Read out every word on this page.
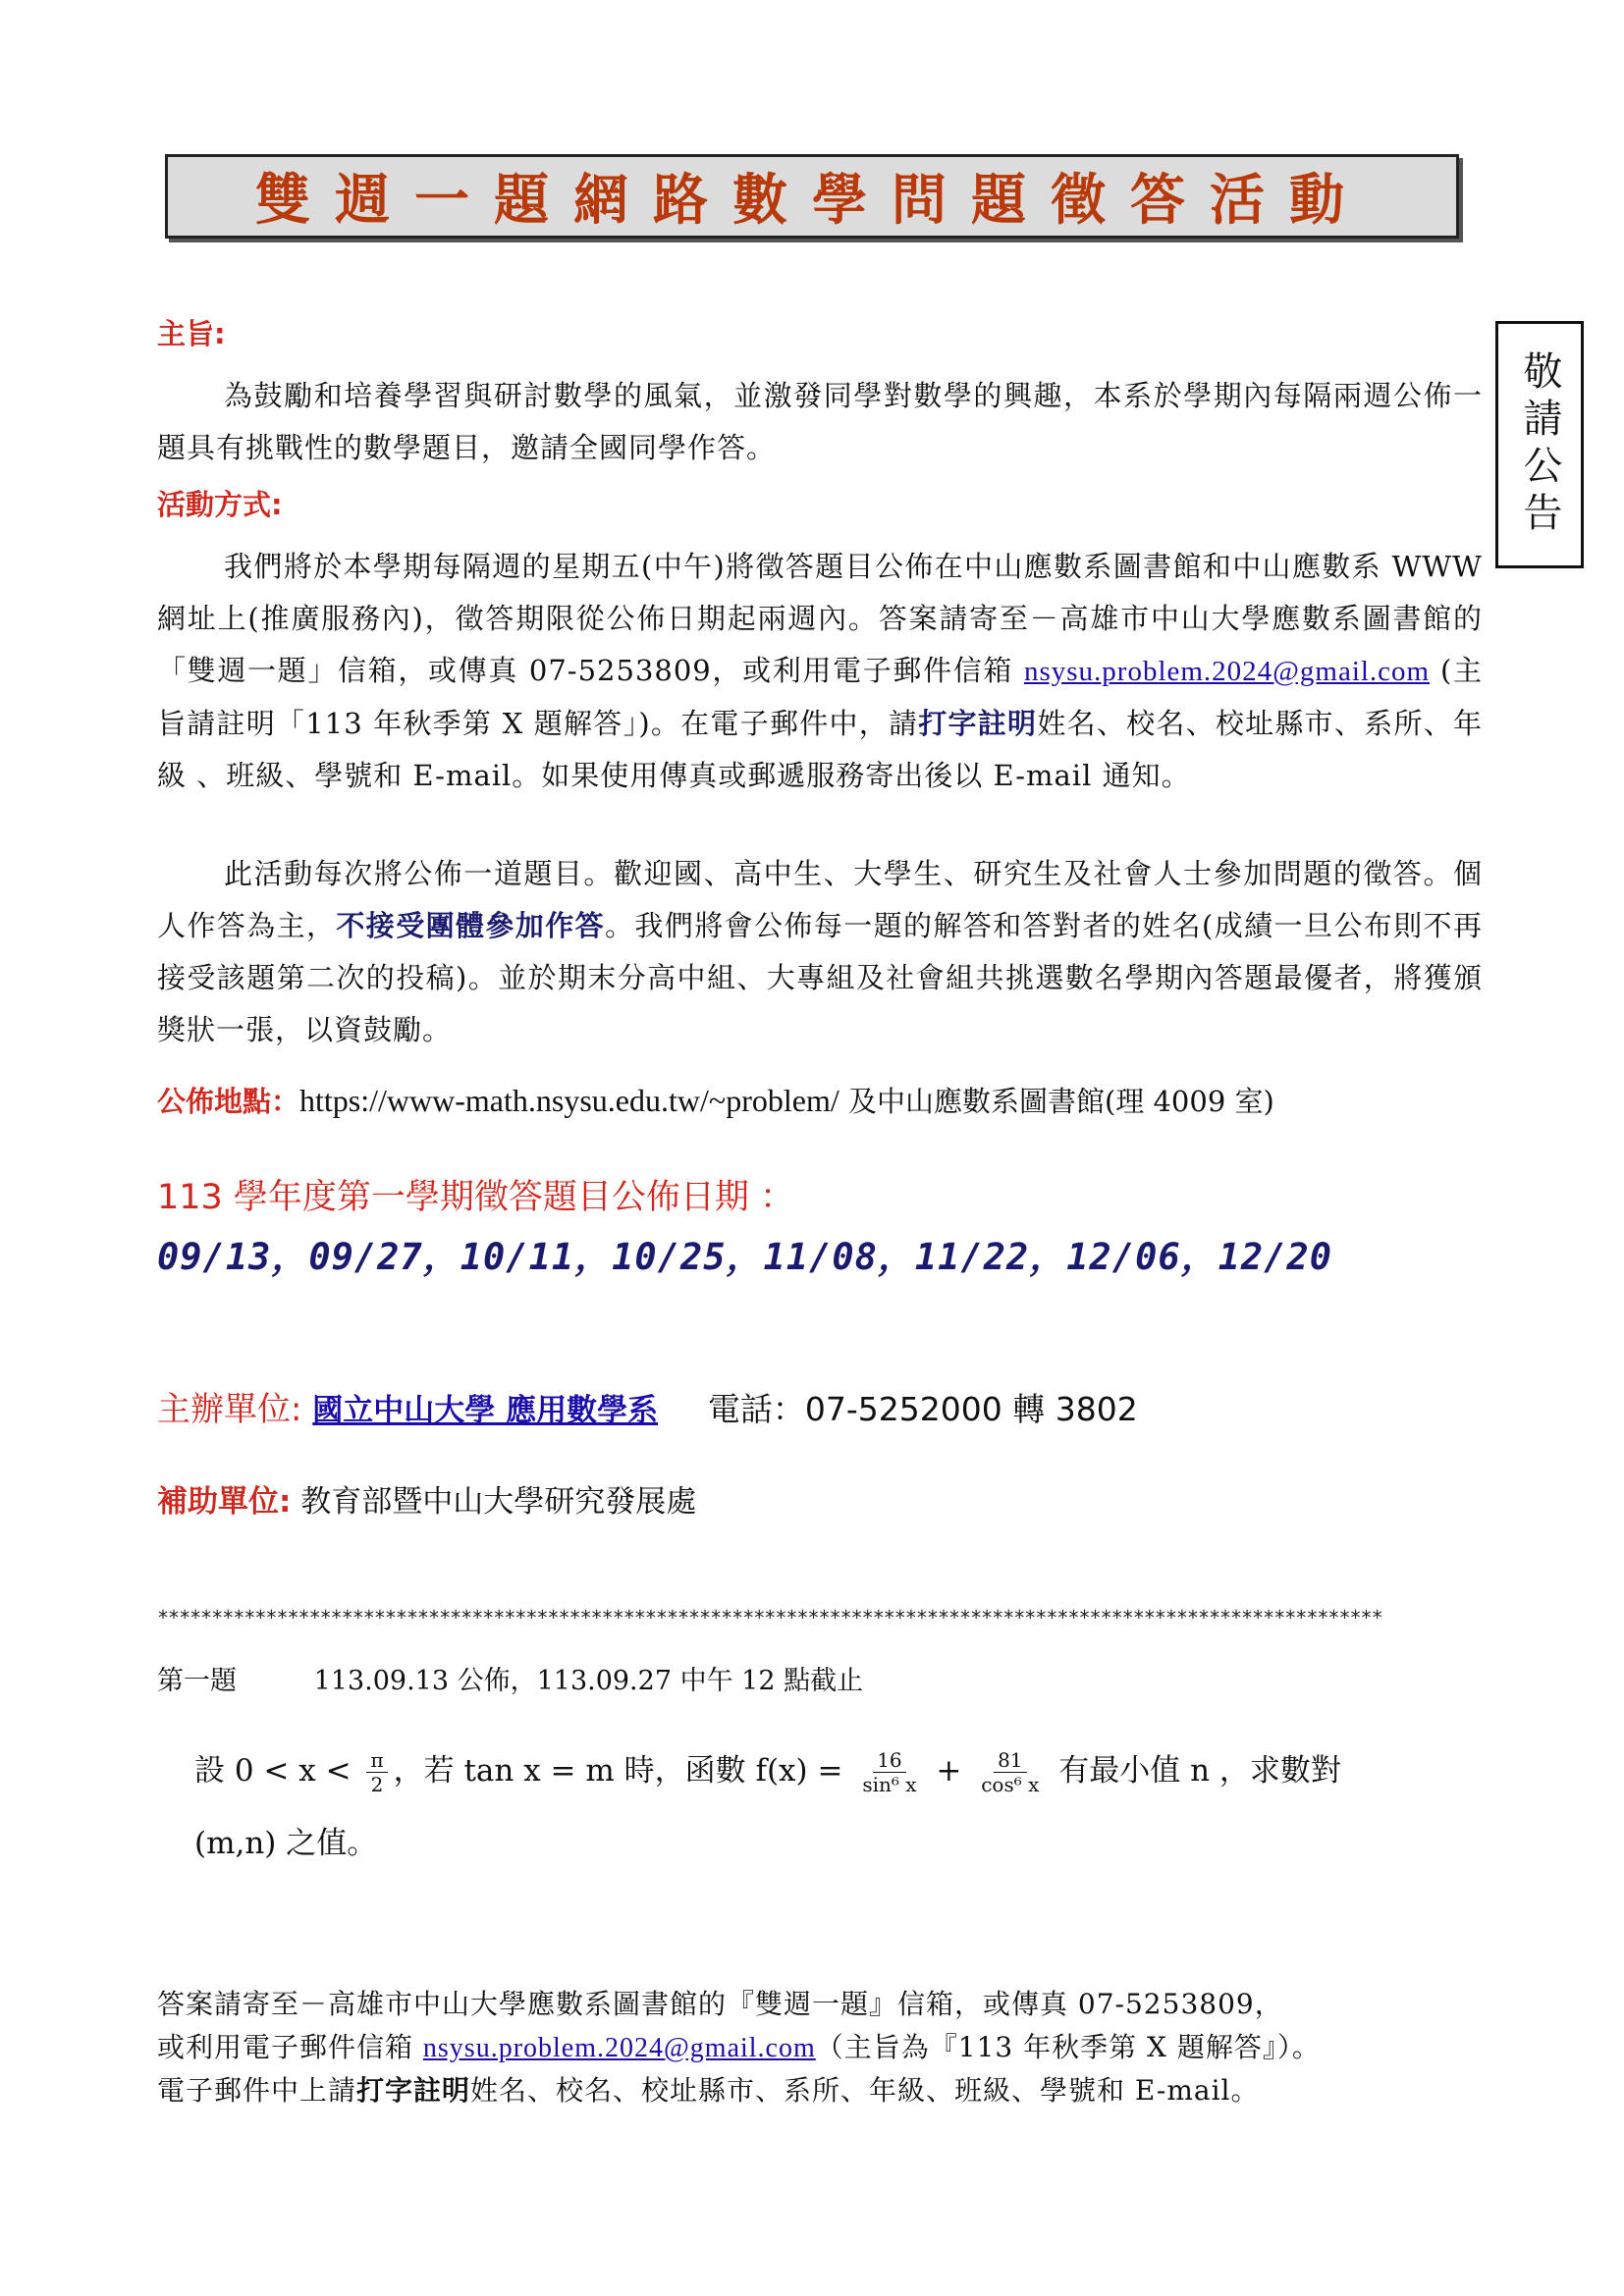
雙週一題網路數學問題徵答活動
敬請公告
主旨:

為鼓勵和培養學習與研討數學的風氣，並激發同學對數學的興趣，本系於學期內每隔兩週公佈一題具有挑戰性的數學題目，邀請全國同學作答。

活動方式:

我們將於本學期每隔週的星期五(中午)將徵答題目公佈在中山應數系圖書館和中山應數系 WWW 網址上(推廣服務內)，徵答期限從公佈日期起兩週內。答案請寄至－高雄市中山大學應數系圖書館的「雙週一題」信箱，或傳真 07-5253809，或利用電子郵件信箱 nsysu.problem.2024@gmail.com (主旨請註明「113 年秋季第 X 題解答」)。在電子郵件中，請打字註明姓名、校名、校址縣市、系所、年級 、班級、學號和 E-mail。如果使用傳真或郵遞服務寄出後以 E-mail 通知。

此活動每次將公佈一道題目。歡迎國、高中生、大學生、研究生及社會人士參加問題的徵答。個人作答為主，不接受團體參加作答。我們將會公佈每一題的解答和答對者的姓名(成績一旦公布則不再接受該題第二次的投稿)。並於期末分高中組、大專組及社會組共挑選數名學期內答題最優者，將獲頒獎狀一張，以資鼓勵。

公佈地點：https://www-math.nsysu.edu.tw/~problem/ 及中山應數系圖書館(理 4009 室)
113 學年度第一學期徵答題目公佈日期 ：
09/13，09/27，10/11，10/25，11/08，11/22，12/06，12/20
主辦單位: 國立中山大學 應用數學系 電話：07-5252000 轉 3802
補助單位: 教育部暨中山大學研究發展處
*****************************************************************************************************************
第一題	113.09.13 公佈，113.09.27 中午 12 點截止
設 $0 < x < \frac{\pi}{2}$ ，若 tan x = m 時，函數 $f(x) = \frac{16}{\text{sin⁶ x}} + \frac{81}{\text{cos⁶ x}}$ 有最小值 n ，求數對
(m,n) 之值。
答案請寄至－高雄市中山大學應數系圖書館的『雙週一題』信箱，或傳真 07-5253809，
或利用電子郵件信箱 nsysu.problem.2024@gmail.com（主旨為『113 年秋季第 X 題解答』）。
電子郵件中上請打字註明姓名、校名、校址縣市、系所、年級、班級、學號和 E-mail。
